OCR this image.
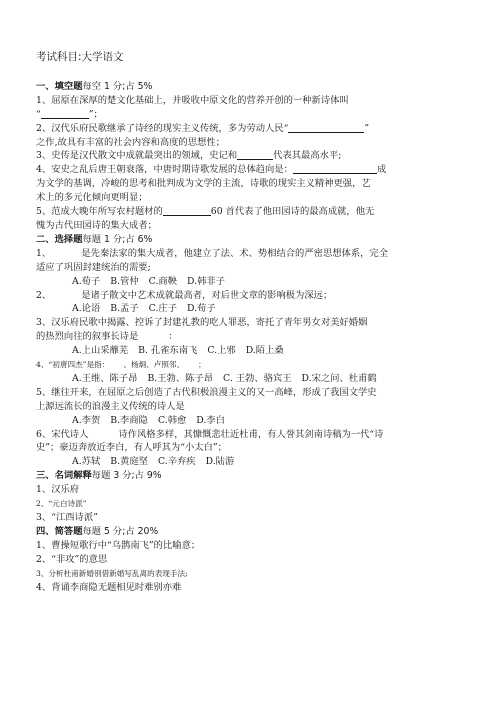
考试科目:大学语文
一、填空题每空 1 分;占 5%
1、屈原在深厚的楚文化基础上，并吸收中原文化的营养开创的一种新诗体叫
“	”；
2、汉代乐府民歌继承了诗经的现实主义传统，多为劳动人民“	”
之作,故具有丰富的社会内容和高度的思想性；
3、史传是汉代散文中成就最突出的领域，史记和	代表其最高水平;
4、安史之乱后唐王朝衰落，中唐时期诗歌发展的总体趋向是：	成
为文学的基调，冷峻的思考和批判成为文学的主流，诗歌的现实主义精神更强，艺
术上的多元化倾向更明显；
5、范成大晚年所写农村题材的	60 首代表了他田园诗的最高成就，他无
愧为古代田园诗的集大成者；
二、选择题每题 1 分;占 6%
1、	是先秦法家的集大成者，他建立了法、术、势相结合的严密思想体系，完全
适应了巩固封建统治的需要;
A.荀子 B.管仲 C.商鞅 D.韩非子
2、	是诸子散文中艺术成就最高者，对后世文章的影响极为深远；
A.论语 B.孟子 C.庄子 D.荀子
3、汉乐府民歌中揭露、控诉了封建礼教的吃人罪恶，寄托了青年男女对美好婚姻
的热烈向往的叙事长诗是	：
A.上山采蘼芜 B. 孔雀东南飞 C.上邪 D.陌上桑
4、“初唐四杰”是指： 、杨炯、卢照邻、 ；
A.王维、陈子昂 B.王勃、陈子昂 C. 王勃、骆宾王 D.宋之问、杜甫鹤
5、继往开来，在屈原之后创造了古代积极浪漫主义的又一高峰，形成了我国文学史
上源远流长的浪漫主义传统的诗人是
A.李贺 B.李商隐 C.韩愈 D.李白
6、宋代诗人	诗作风格多样，其慷慨悲壮近杜甫，有人誉其剑南诗稿为一代“诗
史”；豪迈奔放近李白，有人呼其为“小太白”；
A.苏轼 B.黄庭坚 C.辛弃疾 D.陆游
三、名词解释每题 3 分;占 9%
1、汉乐府
2、“元白诗派”
3、“江西诗派”
四、简答题每题 5 分;占 20%
1、曹操短歌行中“乌鹊南飞”的比喻意；
2、“非攻”的意思
3、分析杜甫新婚别借新婚写乱离的表现手法;
4、背诵李商隐无题相见时难别亦难
